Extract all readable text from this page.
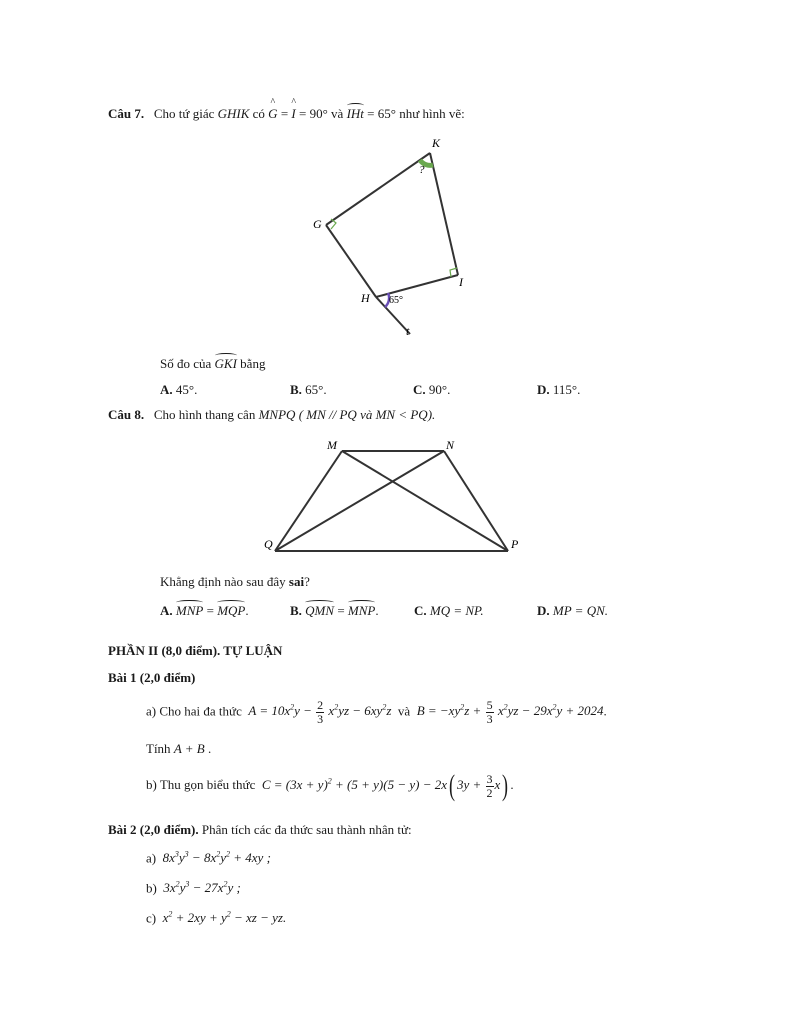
Câu 7. Cho tứ giác GHIK có ^ G = ^ I = 90° và IHt = 65° như hình vẽ:
K
?
G
I
H 65°
t
Số đo của GKI bằng
A. 45°.	B. 65°.	C. 90°.	D. 115°.
Câu 8. Cho hình thang cân MNPQ ( MN // PQ và MN < PQ).
M	N
Q	P
Khẳng định nào sau đây sai?
A. MNP = MQP.	B. QMN = MNP.	C. MQ = NP.	D. MP = QN.
PHẦN II (8,0 điểm). TỰ LUẬN
Bài 1 (2,0 điểm)
a) Cho hai đa thức $A = 10x^2y - \frac{2}{3} x^2yz - 6xy^2z$ và $B = -xy^2z + \frac{5}{3} x^2yz - 29x^2y + 2024$.
Tính A + B .
b) Thu gọn biểu thức $C = (3x + y)^2 + (5 + y)(5 - y) - 2x$( $3y + \frac{3}{2} x$) .
Bài 2 (2,0 điểm). Phân tích các đa thức sau thành nhân tử:
a) $8x^3y^3 - 8x^2y^2 + 4xy$ ;
b) $3x^2y^3 - 27x^2y$ ;
c) $x^2 + 2xy + y^2$ − xz − yz.
